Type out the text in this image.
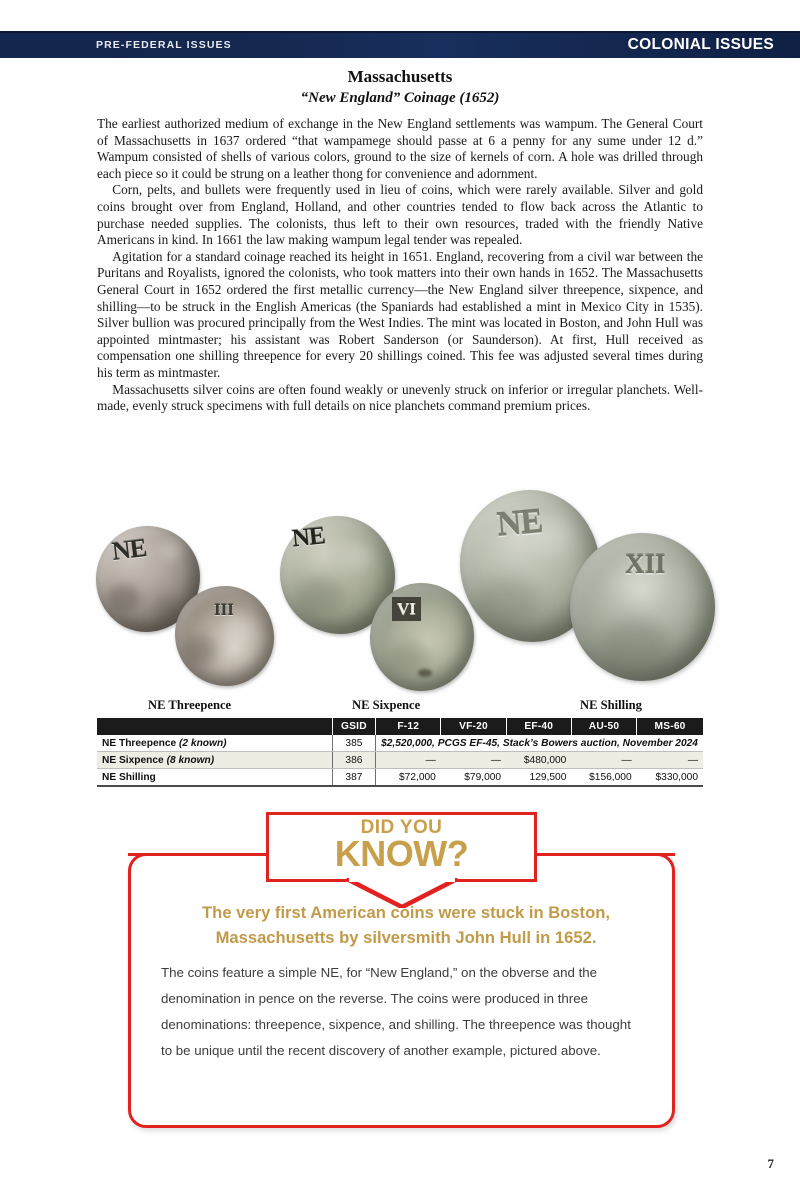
PRE-FEDERAL ISSUES	COLONIAL ISSUES
Massachusetts
“New England” Coinage (1652)

The earliest authorized medium of exchange in the New England settlements was wampum. The General Court of Massachusetts in 1637 ordered “that wampamege should passe at 6 a penny for any sume under 12 d.” Wampum consisted of shells of various colors, ground to the size of kernels of corn. A hole was drilled through each piece so it could be strung on a leather thong for convenience and adornment.

Corn, pelts, and bullets were frequently used in lieu of coins, which were rarely available. Silver and gold coins brought over from England, Holland, and other countries tended to flow back across the Atlantic to purchase needed supplies. The colonists, thus left to their own resources, traded with the friendly Native Americans in kind. In 1661 the law making wampum legal tender was repealed.

Agitation for a standard coinage reached its height in 1651. England, recovering from a civil war between the Puritans and Royalists, ignored the colonists, who took matters into their own hands in 1652. The Massachusetts General Court in 1652 ordered the first metallic currency—the New England silver threepence, sixpence, and shilling—to be struck in the English Americas (the Spaniards had established a mint in Mexico City in 1535). Silver bullion was procured principally from the West Indies. The mint was located in Boston, and John Hull was appointed mintmaster; his assistant was Robert Sanderson (or Saunderson). At first, Hull received as compensation one shilling threepence for every 20 shillings coined. This fee was adjusted several times during his term as mintmaster.

Massachusetts silver coins are often found weakly or unevenly struck on inferior or irregular planchets. Well-made, evenly struck specimens with full details on nice planchets command premium prices.

NE
III
NE
VI
NE
XII
NE Threepence	NE Sixpence	NE Shilling
	GSID	F-12	VF-20	EF-40	AU-50	MS-60
NE Threepence (2 known)	385	$2,520,000, PCGS EF-45, Stack’s Bowers auction, November 2024				
NE Sixpence (8 known)	386	—	—	$480,000	—	—
NE Shilling	387	$72,000	$79,000	129,500	$156,000	$330,000
DID YOU
KNOW?
The very first American coins were stuck in Boston, Massachusetts by silversmith John Hull in 1652.
The coins feature a simple NE, for “New England,” on the obverse and the denomination in pence on the reverse. The coins were produced in three denominations: threepence, sixpence, and shilling. The threepence was thought to be unique until the recent discovery of another example, pictured above.
7
